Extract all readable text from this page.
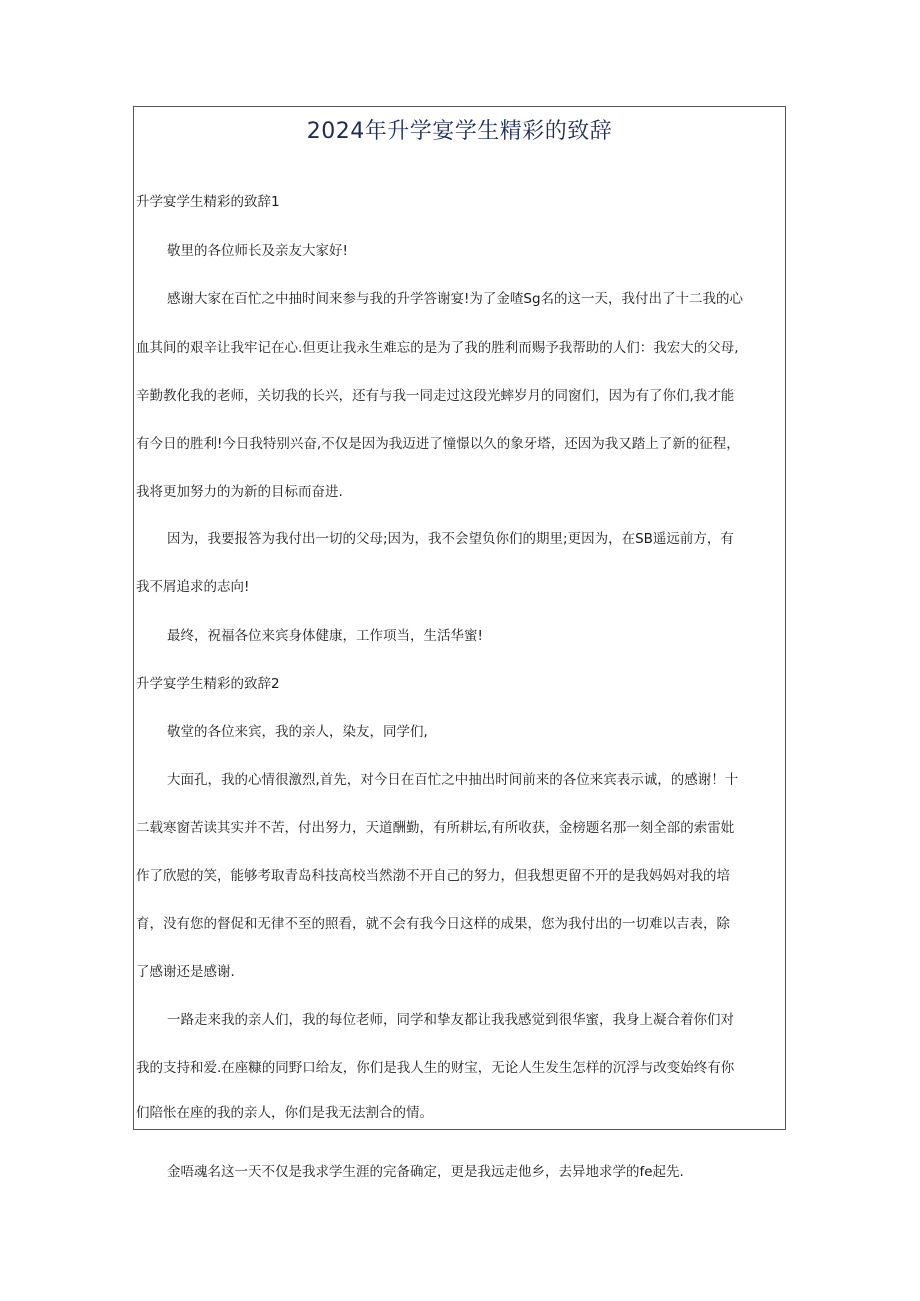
2024年升学宴学生精彩的致辞
升学宴学生精彩的致辞1
敬里的各位师长及亲友大家好!
感谢大家在百忙之中抽时间来参与我的升学答谢宴!为了金喳Sg名的这一天，我付出了十二我的心
血其间的艰辛让我牢记在心.但更让我永生难忘的是为了我的胜利而赐予我帮助的人们：我宏大的父母,
辛勤教化我的老师，关切我的长兴，还有与我一同走过这段光蟀岁月的同窗们，因为有了你们,我才能
有今日的胜利!今日我特别兴奋,不仅是因为我迈进了憧憬以久的象牙塔，还因为我又踏上了新的征程，
我将更加努力的为新的目标而奋进.
因为，我要报答为我付出一切的父母;因为，我不会望负你们的期里;更因为，在SB遥远前方，有
我不屑追求的志向!
最终，祝福各位来宾身体健康，工作项当，生活华蜜!
升学宴学生精彩的致辞2
敬堂的各位来宾，我的亲人，染友，同学们,
大面孔，我的心情很激烈,首先，对今日在百忙之中抽出时间前来的各位来宾表示诚，的感谢！十
二载寒窗苦读其实并不苦，付出努力，天道酬勤，有所耕坛,有所收获，金榜题名那一刻全部的索雷妣
作了欣慰的笑，能够考取青岛科技高校当然渤不开自己的努力，但我想更留不开的是我妈妈对我的培
育，没有您的督促和无律不至的照看，就不会有我今日这样的成果，您为我付出的一切难以吉表，除
了感谢还是感谢.
一路走来我的亲人们，我的每位老师，同学和挚友都让我我感觉到很华蜜，我身上凝合着你们对
我的支持和爱.在座糠的同野口给友，你们是我人生的财宝，无论人生发生怎样的沉浮与改变始终有你
们陪怅在座的我的亲人，你们是我无法割合的情。
金唔魂名这一天不仅是我求学生涯的完备确定，更是我远走他乡，去异地求学的fe起先.
